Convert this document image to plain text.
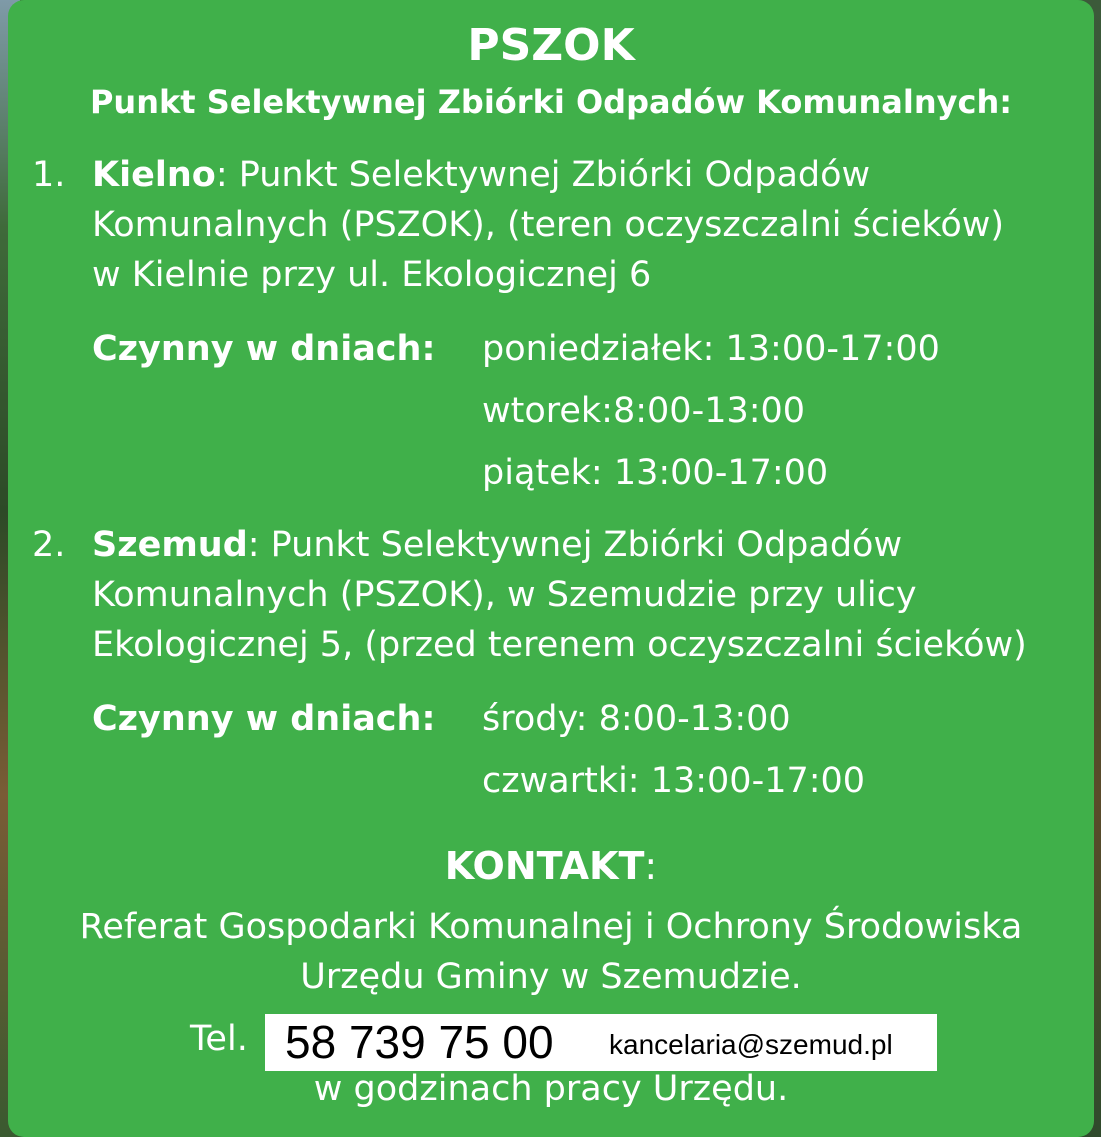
PSZOK
Punkt Selektywnej Zbiórki Odpadów Komunalnych:
1. Kielno: Punkt Selektywnej Zbiórki Odpadów
Komunalnych (PSZOK), (teren oczyszczalni ścieków)
w Kielnie przy ul. Ekologicznej 6
Czynny w dniach: poniedziałek: 13:00-17:00
wtorek:8:00-13:00
piątek: 13:00-17:00
2. Szemud: Punkt Selektywnej Zbiórki Odpadów
Komunalnych (PSZOK), w Szemudzie przy ulicy
Ekologicznej 5, (przed terenem oczyszczalni ścieków)
Czynny w dniach: środy: 8:00-13:00
czwartki: 13:00-17:00
KONTAKT:
Referat Gospodarki Komunalnej i Ochrony Środowiska
Urzędu Gminy w Szemudzie.
Tel. 58 739 75 00 kancelaria@szemud.pl
w godzinach pracy Urzędu.
